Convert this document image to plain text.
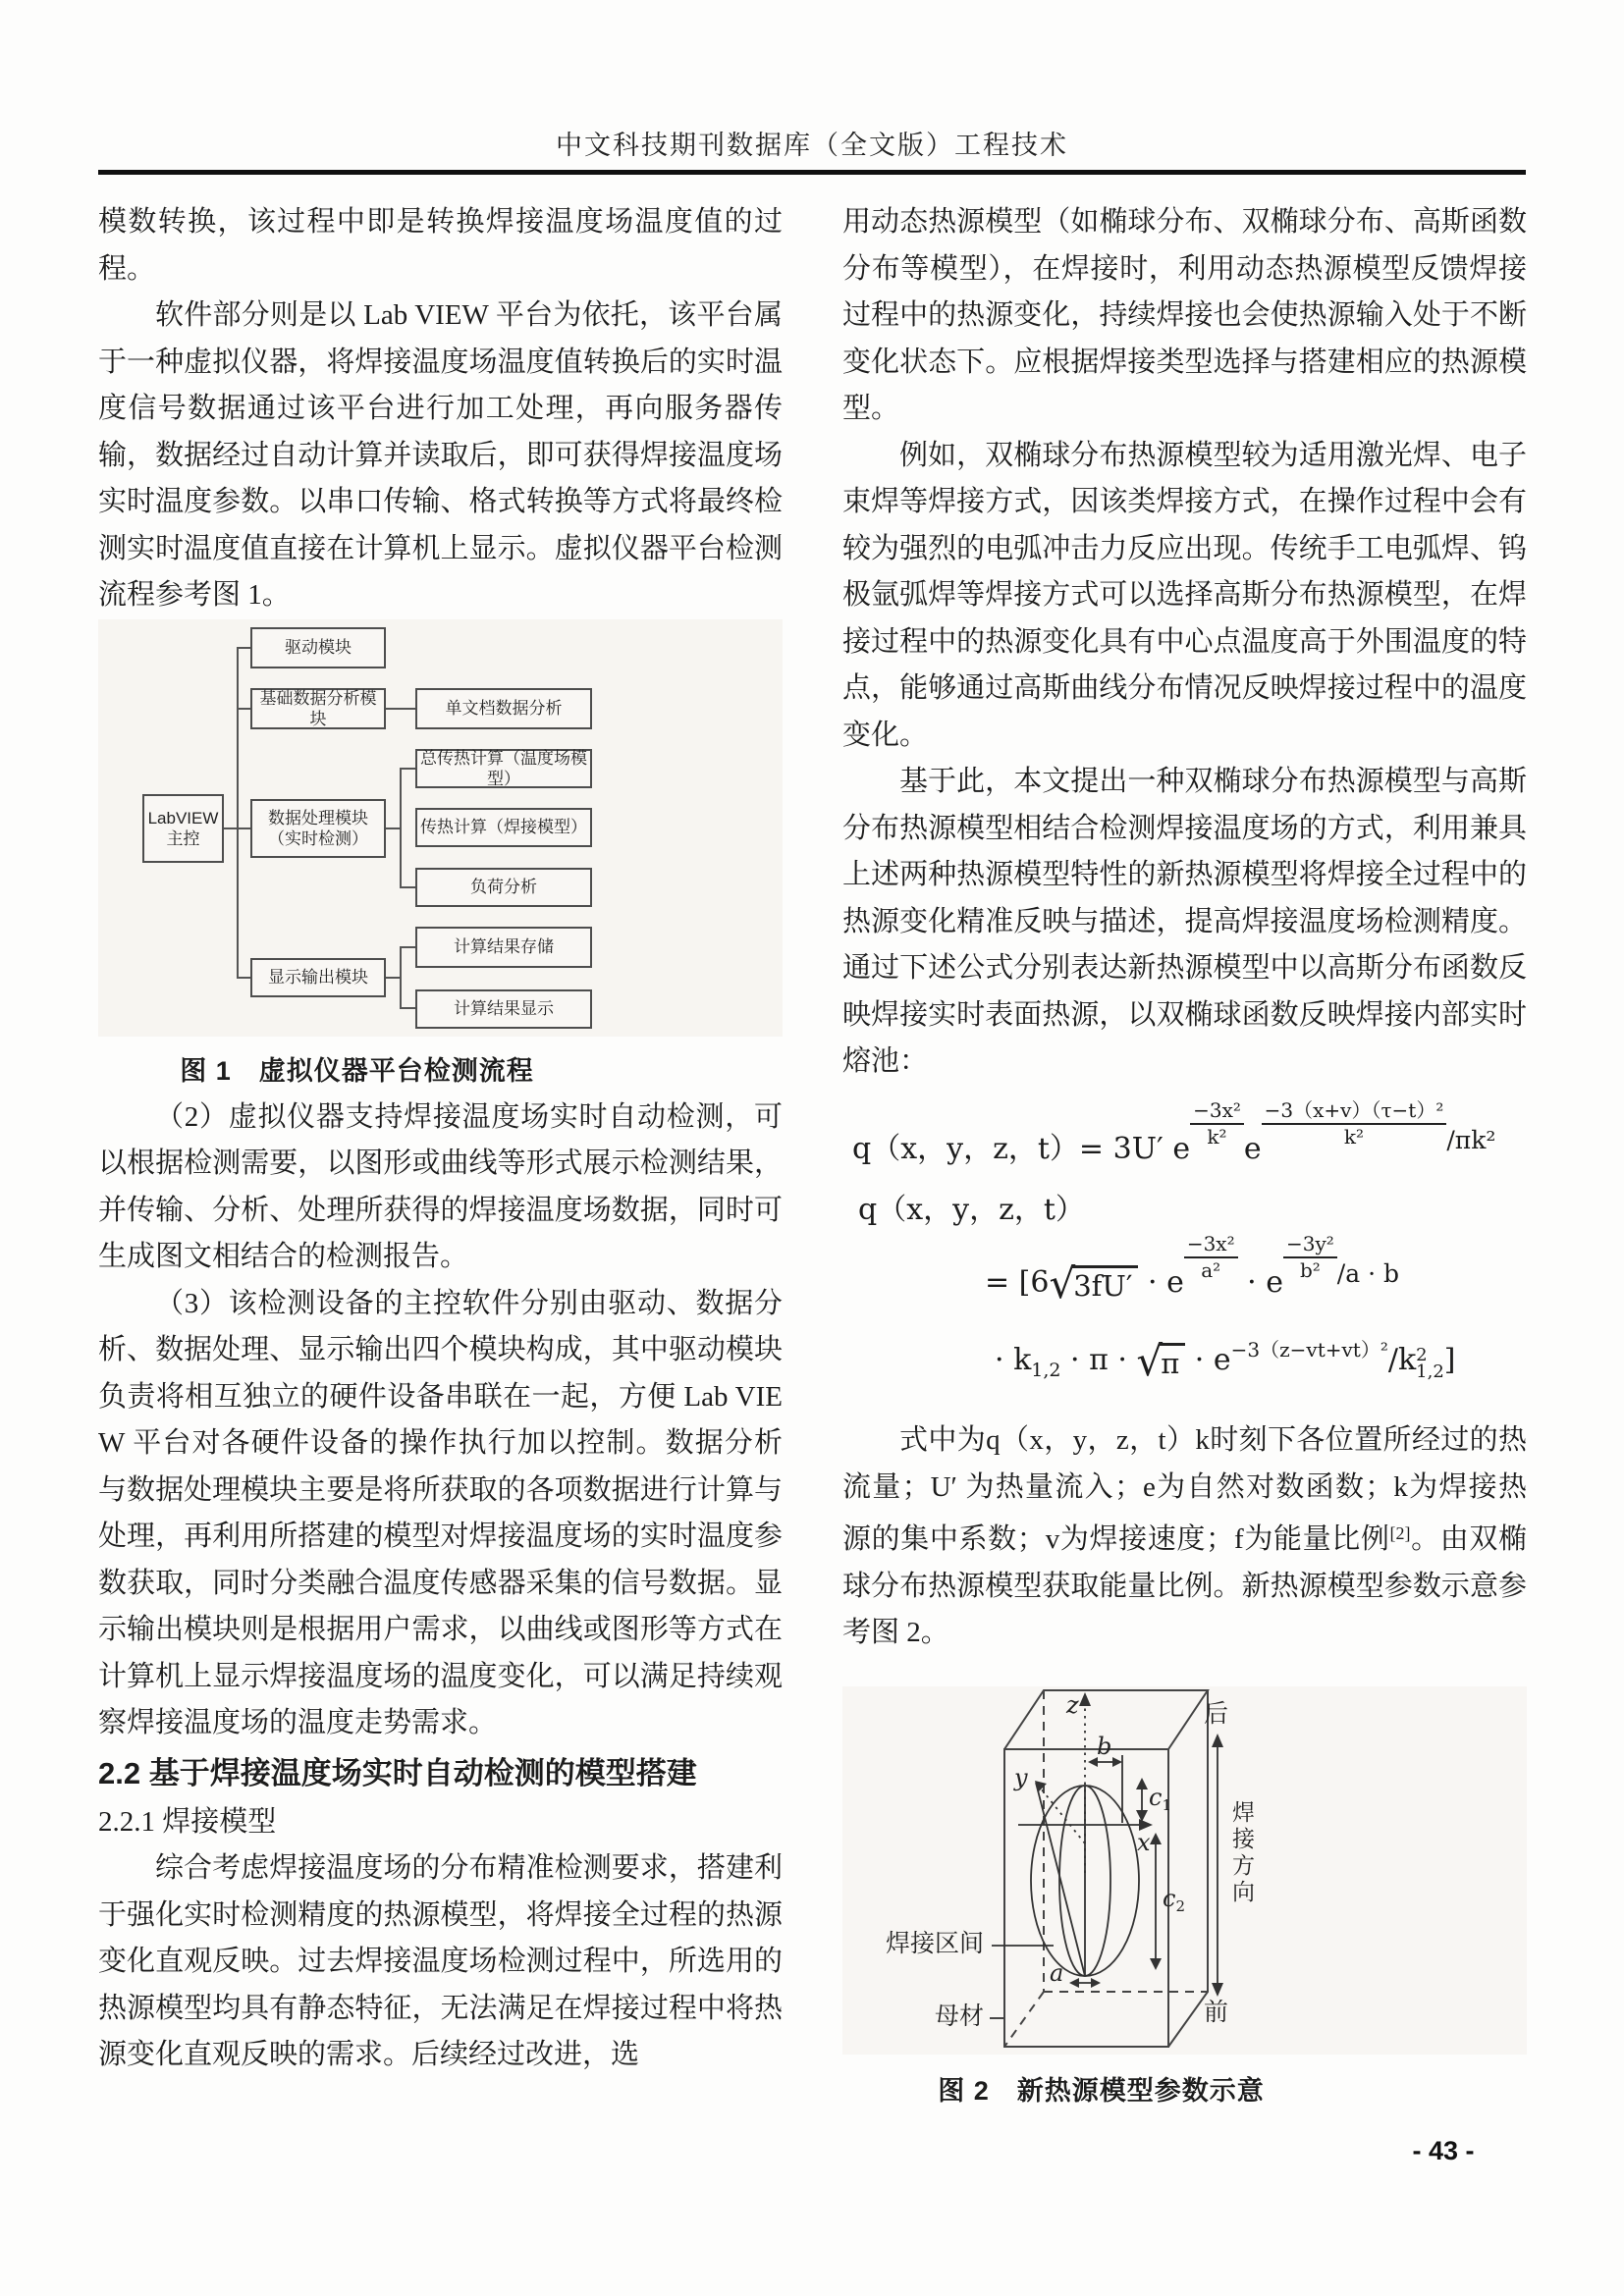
中文科技期刊数据库（全文版）工程技术

模数转换，该过程中即是转换焊接温度场温度值的过程。

软件部分则是以 Lab VIEW 平台为依托，该平台属于一种虚拟仪器，将焊接温度场温度值转换后的实时温度信号数据通过该平台进行加工处理，再向服务器传输，数据经过自动计算并读取后，即可获得焊接温度场实时温度参数。以串口传输、格式转换等方式将最终检测实时温度值直接在计算机上显示。虚拟仪器平台检测流程参考图 1。

LabVIEW
主控
驱动模块
基础数据分析模块
数据处理模块
（实时检测）
显示输出模块
单文档数据分析
总传热计算（温度场模型）
传热计算（焊接模型）
负荷分析
计算结果存储
计算结果显示
图 1　虚拟仪器平台检测流程

（2）虚拟仪器支持焊接温度场实时自动检测，可以根据检测需要，以图形或曲线等形式展示检测结果，并传输、分析、处理所获得的焊接温度场数据，同时可生成图文相结合的检测报告。

（3）该检测设备的主控软件分别由驱动、数据分析、数据处理、显示输出四个模块构成，其中驱动模块负责将相互独立的硬件设备串联在一起，方便 Lab VIEW 平台对各硬件设备的操作执行加以控制。数据分析与数据处理模块主要是将所获取的各项数据进行计算与处理，再利用所搭建的模型对焊接温度场的实时温度参数获取，同时分类融合温度传感器采集的信号数据。显示输出模块则是根据用户需求，以曲线或图形等方式在计算机上显示焊接温度场的温度变化，可以满足持续观察焊接温度场的温度走势需求。

2.2 基于焊接温度场实时自动检测的模型搭建

2.2.1 焊接模型

综合考虑焊接温度场的分布精准检测要求，搭建利于强化实时检测精度的热源模型，将焊接全过程的热源变化直观反映。过去焊接温度场检测过程中，所选用的热源模型均具有静态特征，无法满足在焊接过程中将热源变化直观反映的需求。后续经过改进，选

用动态热源模型（如椭球分布、双椭球分布、高斯函数分布等模型），在焊接时，利用动态热源模型反馈焊接过程中的热源变化，持续焊接也会使热源输入处于不断变化状态下。应根据焊接类型选择与搭建相应的热源模型。

例如，双椭球分布热源模型较为适用激光焊、电子束焊等焊接方式，因该类焊接方式，在操作过程中会有较为强烈的电弧冲击力反应出现。传统手工电弧焊、钨极氩弧焊等焊接方式可以选择高斯分布热源模型，在焊接过程中的热源变化具有中心点温度高于外围温度的特点，能够通过高斯曲线分布情况反映焊接过程中的温度变化。

基于此，本文提出一种双椭球分布热源模型与高斯分布热源模型相结合检测焊接温度场的方式，利用兼具上述两种热源模型特性的新热源模型将焊接全过程中的热源变化精准反映与描述，提高焊接温度场检测精度。通过下述公式分别表达新热源模型中以高斯分布函数反映焊接实时表面热源，以双椭球函数反映焊接内部实时熔池：

q（x，y，z，t）= 3U′ e
$\frac{\text{−3x²}}{\text{k²}}$
e
$\frac{\text{−3（x+v）（τ−t）²}}{\text{k²}} ^{/\pi k^2}$
q（x，y，z，t）
= [6 √
3fU′ · e
$\frac{\text{−3x²}}{\text{a²}}$
· e
$\frac{\text{−3y²}}{\text{b²}} ^{/a \cdot b}$
· $k_{1,2} \cdot \pi$ · √
$\pi \cdot e^{-3(z-vt+vt)^2}/k$ 2
1,2 ]

式中为q（x，y，z，t）k时刻下各位置所经过的热流量；U′ 为热量流入；e为自然对数函数；k为焊接热源的集中系数；v为焊接速度；f为能量比例[2]。由双椭球分布热源模型获取能量比例。新热源模型参数示意参考图 2。

z
y
x
b
a
$c_1$
$c_2$
后
焊接方向
前
焊接区间
母材
图 2　新热源模型参数示意
- 43 -
